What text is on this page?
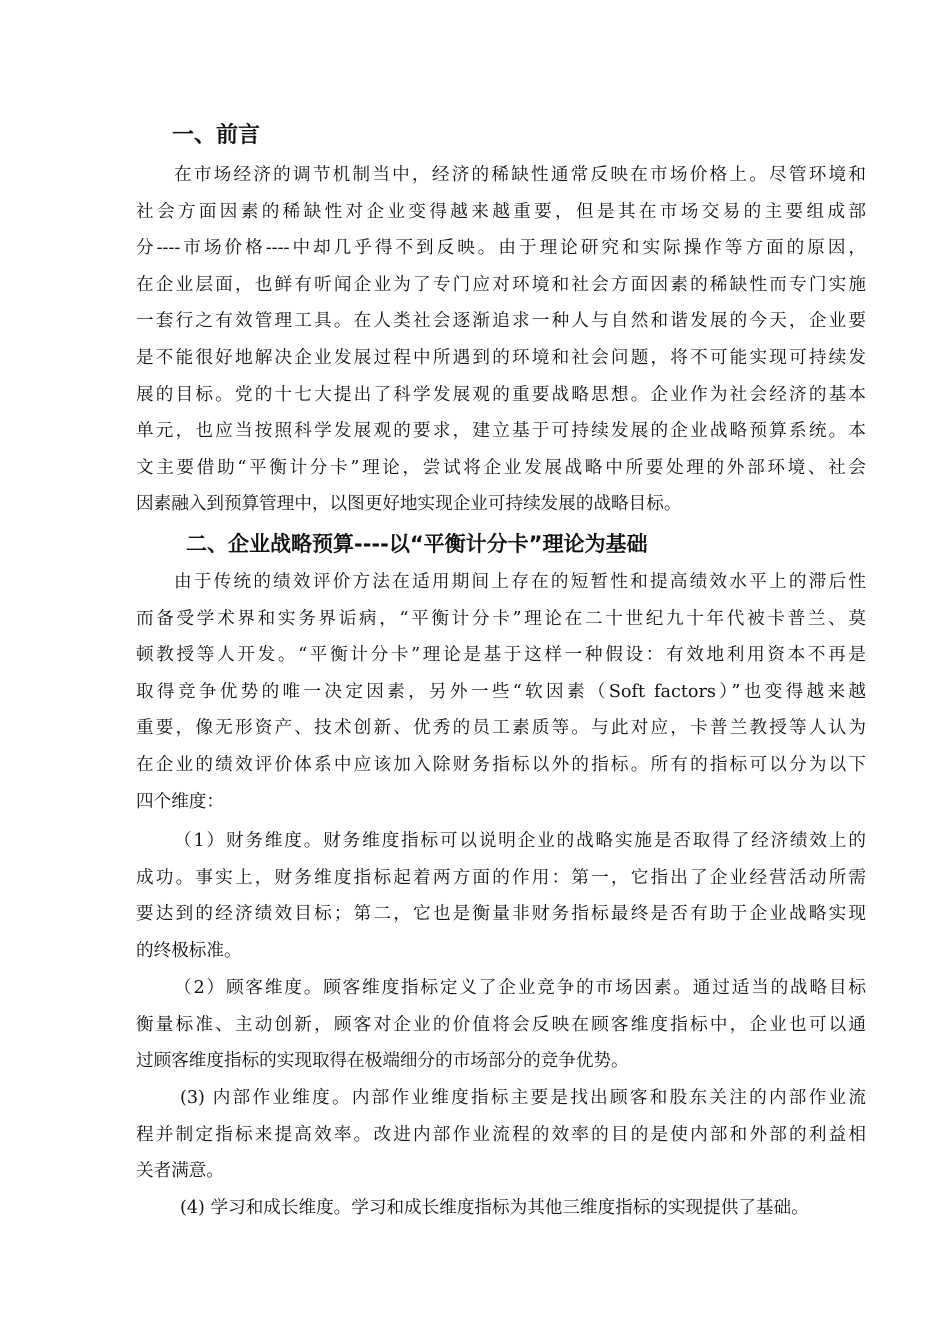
一、前言
在市场经济的调节机制当中，经济的稀缺性通常反映在市场价格上。尽管环境和
社会方面因素的稀缺性对企业变得越来越重要，但是其在市场交易的主要组成部
分----市场价格----中却几乎得不到反映。由于理论研究和实际操作等方面的原因，
在企业层面，也鲜有听闻企业为了专门应对环境和社会方面因素的稀缺性而专门实施
一套行之有效管理工具。在人类社会逐渐追求一种人与自然和谐发展的今天，企业要
是不能很好地解决企业发展过程中所遇到的环境和社会问题，将不可能实现可持续发
展的目标。党的十七大提出了科学发展观的重要战略思想。企业作为社会经济的基本
单元，也应当按照科学发展观的要求，建立基于可持续发展的企业战略预算系统。本
文主要借助“平衡计分卡”理论，尝试将企业发展战略中所要处理的外部环境、社会
因素融入到预算管理中，以图更好地实现企业可持续发展的战略目标。
二、企业战略预算----以“平衡计分卡”理论为基础
由于传统的绩效评价方法在适用期间上存在的短暂性和提高绩效水平上的滞后性
而备受学术界和实务界诟病，“平衡计分卡”理论在二十世纪九十年代被卡普兰、莫
顿教授等人开发。“平衡计分卡”理论是基于这样一种假设：有效地利用资本不再是
取得竞争优势的唯一决定因素，另外一些“软因素（Soft factors）”也变得越来越
重要，像无形资产、技术创新、优秀的员工素质等。与此对应，卡普兰教授等人认为
在企业的绩效评价体系中应该加入除财务指标以外的指标。所有的指标可以分为以下
四个维度：
（1）财务维度。财务维度指标可以说明企业的战略实施是否取得了经济绩效上的
成功。事实上，财务维度指标起着两方面的作用：第一，它指出了企业经营活动所需
要达到的经济绩效目标；第二，它也是衡量非财务指标最终是否有助于企业战略实现
的终极标准。
（2）顾客维度。顾客维度指标定义了企业竞争的市场因素。通过适当的战略目标
衡量标准、主动创新，顾客对企业的价值将会反映在顾客维度指标中，企业也可以通
过顾客维度指标的实现取得在极端细分的市场部分的竞争优势。
(3) 内部作业维度。内部作业维度指标主要是找出顾客和股东关注的内部作业流
程并制定指标来提高效率。改进内部作业流程的效率的目的是使内部和外部的利益相
关者满意。
(4) 学习和成长维度。学习和成长维度指标为其他三维度指标的实现提供了基础。
